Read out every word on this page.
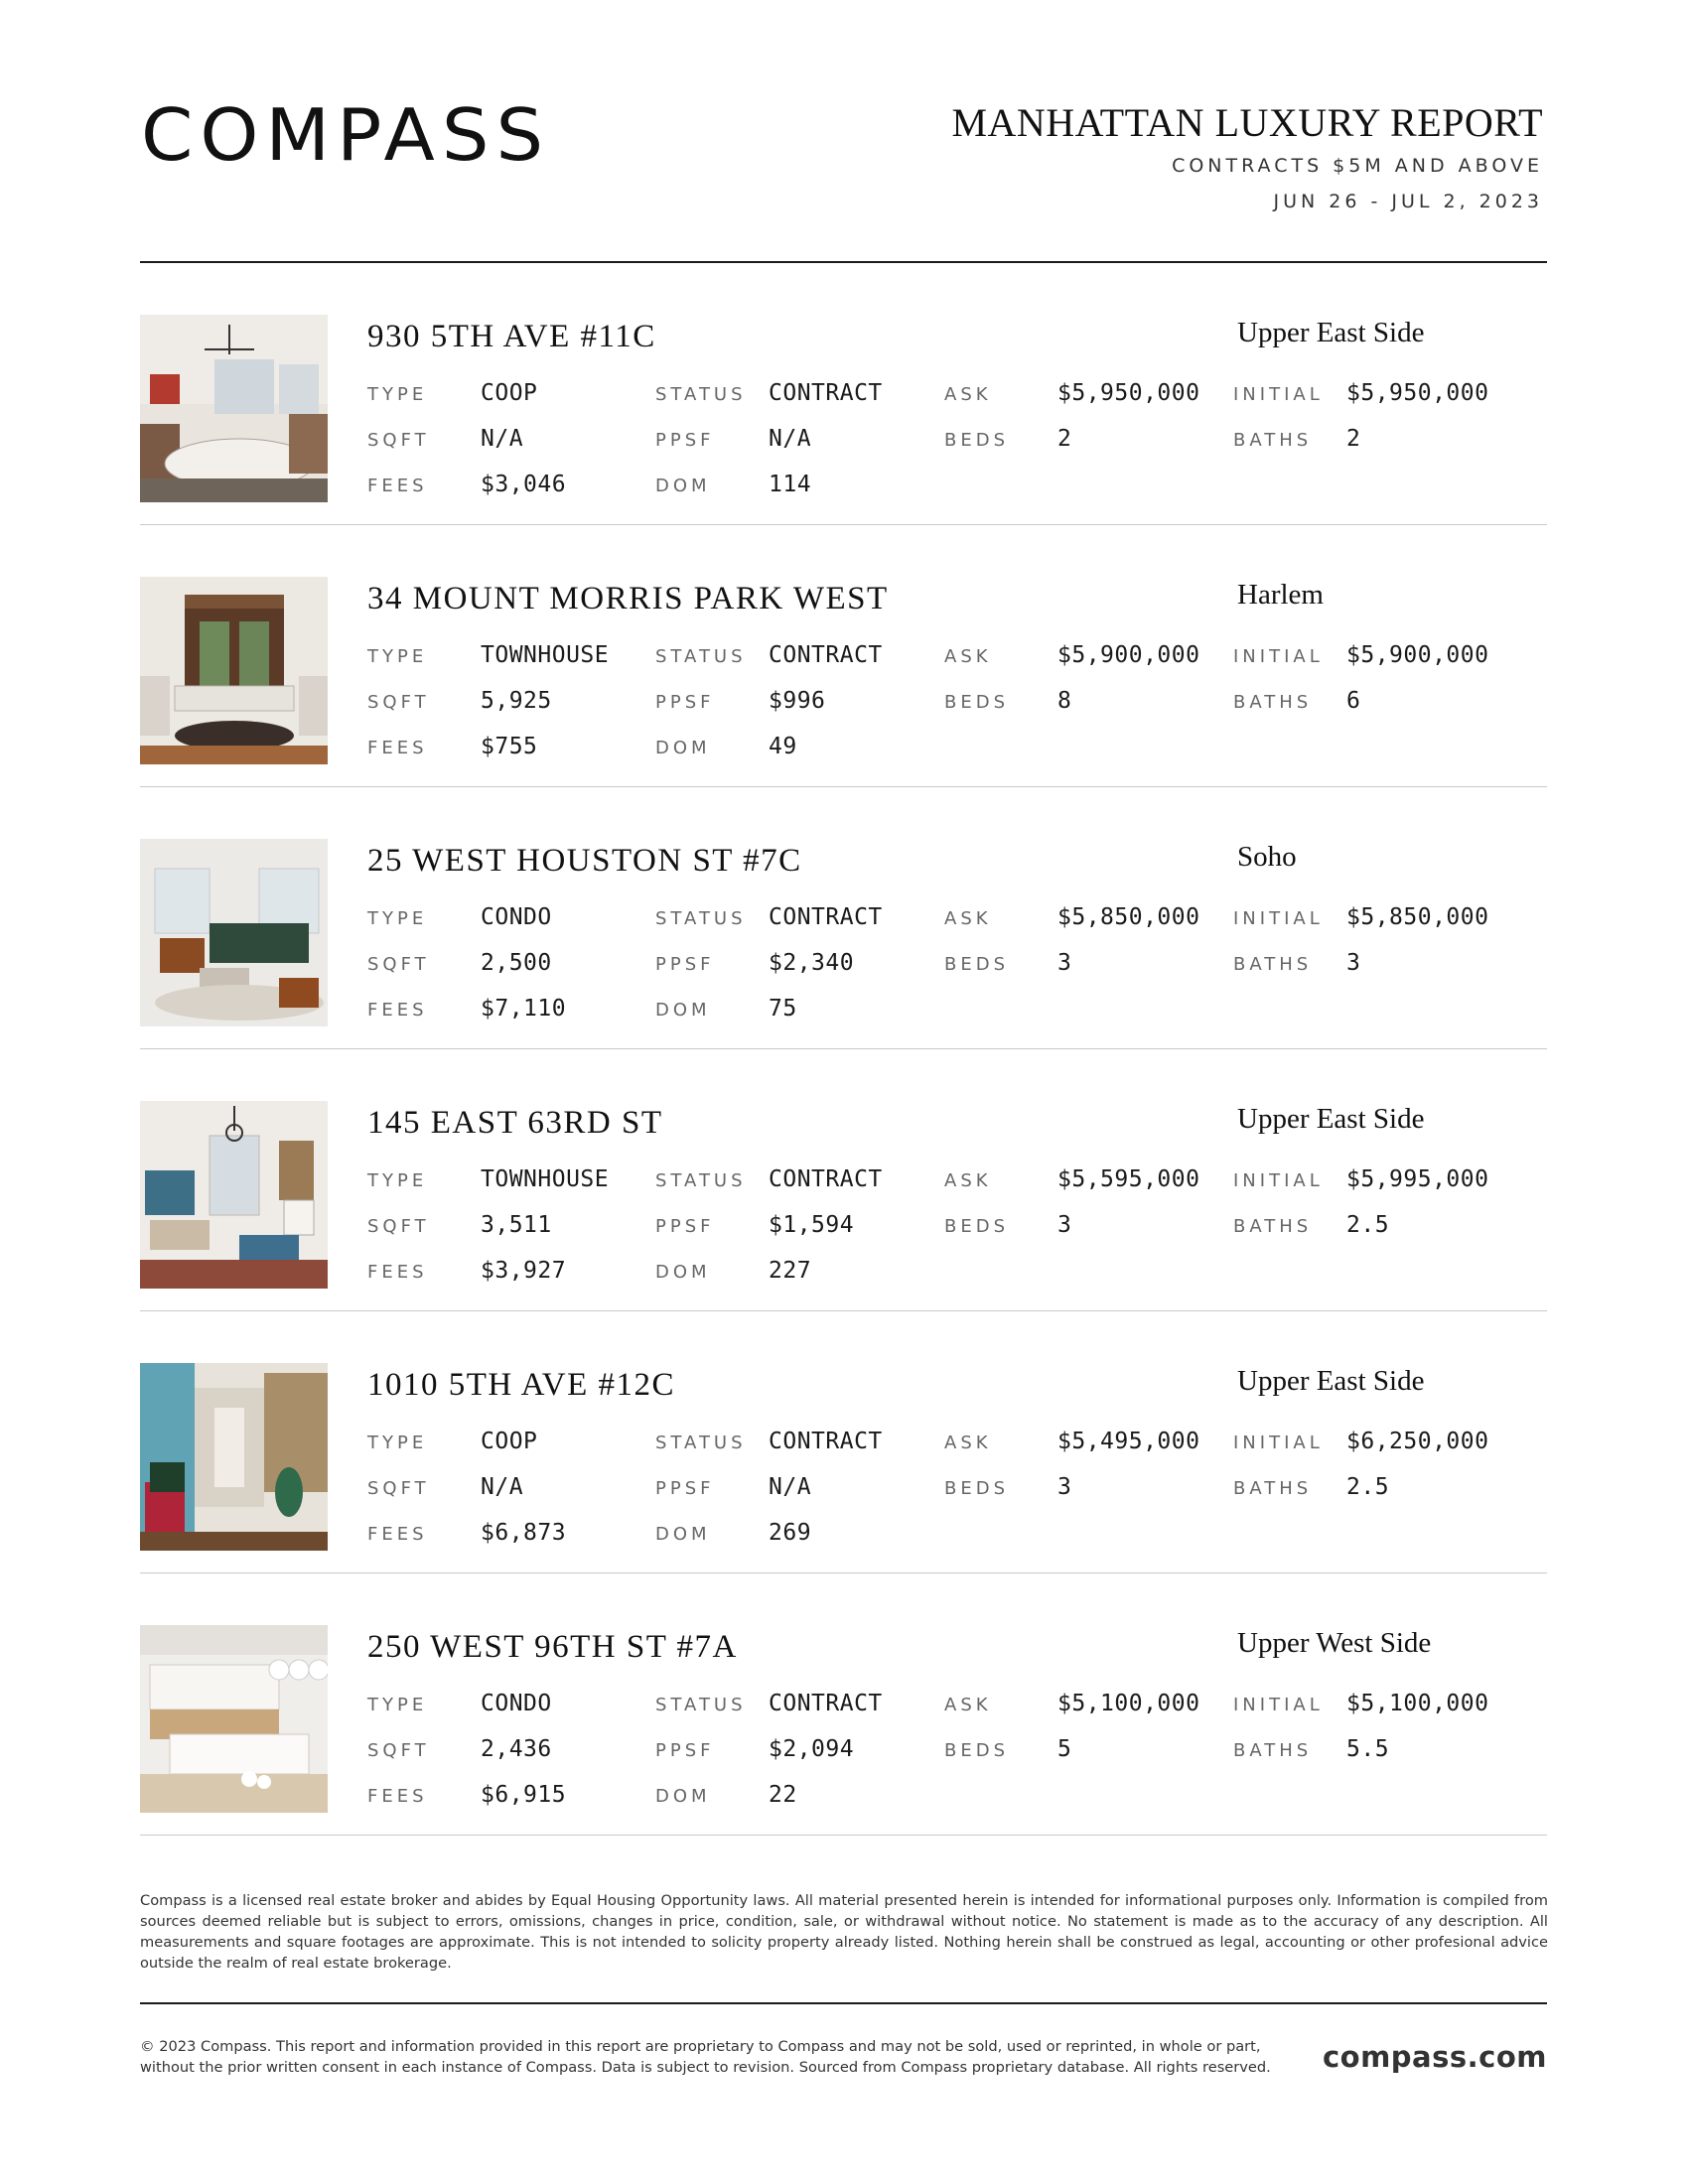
COMPASS	MANHATTAN LUXURY REPORT
CONTRACTS $5M AND ABOVE
JUN 26 - JUL 2, 2023
930 5TH AVE #11C	Upper East Side
TYPE COOP	STATUS CONTRACT	ASK	$5,950,000 INITIAL $5,950,000
SQFT N/A	PPSF N/A	BEDS 2	BATHS 2
FEES $3,046	DOM	114
34 MOUNT MORRIS PARK WEST	Harlem
TYPE TOWNHOUSE	STATUS CONTRACT	ASK	$5,900,000 INITIAL $5,900,000
SQFT 5,925	PPSF $996	BEDS 8	BATHS 6
FEES $755	DOM	49
25 WEST HOUSTON ST #7C	Soho
TYPE CONDO	STATUS CONTRACT	ASK	$5,850,000 INITIAL $5,850,000
SQFT 2,500	PPSF $2,340	BEDS 3	BATHS 3
FEES $7,110	DOM	75
145 EAST 63RD ST	Upper East Side
TYPE TOWNHOUSE	STATUS CONTRACT	ASK	$5,595,000 INITIAL $5,995,000
SQFT 3,511	PPSF $1,594	BEDS 3	BATHS 2.5
FEES $3,927	DOM	227
1010 5TH AVE #12C	Upper East Side
TYPE COOP	STATUS CONTRACT	ASK	$5,495,000 INITIAL $6,250,000
SQFT N/A	PPSF N/A	BEDS 3	BATHS 2.5
FEES $6,873	DOM	269
250 WEST 96TH ST #7A	Upper West Side
TYPE CONDO	STATUS CONTRACT	ASK	$5,100,000 INITIAL $5,100,000
SQFT 2,436	PPSF $2,094	BEDS 5	BATHS 5.5
FEES $6,915	DOM	22
Compass is a licensed real estate broker and abides by Equal Housing Opportunity laws. All material presented herein is intended for informational purposes only. Information is compiled from sources deemed reliable but is subject to errors, omissions, changes in price, condition, sale, or withdrawal without notice. No statement is made as to the accuracy of any description. All measurements and square footages are approximate. This is not intended to solicity property already listed. Nothing herein shall be construed as legal, accounting or other profesional advice outside the realm of real estate brokerage.
© 2023 Compass. This report and information provided in this report are proprietary to Compass and may not be sold, used or reprinted, in whole or part, without the prior written consent in each instance of Compass. Data is subject to revision. Sourced from Compass proprietary database. All rights reserved.	compass.com
